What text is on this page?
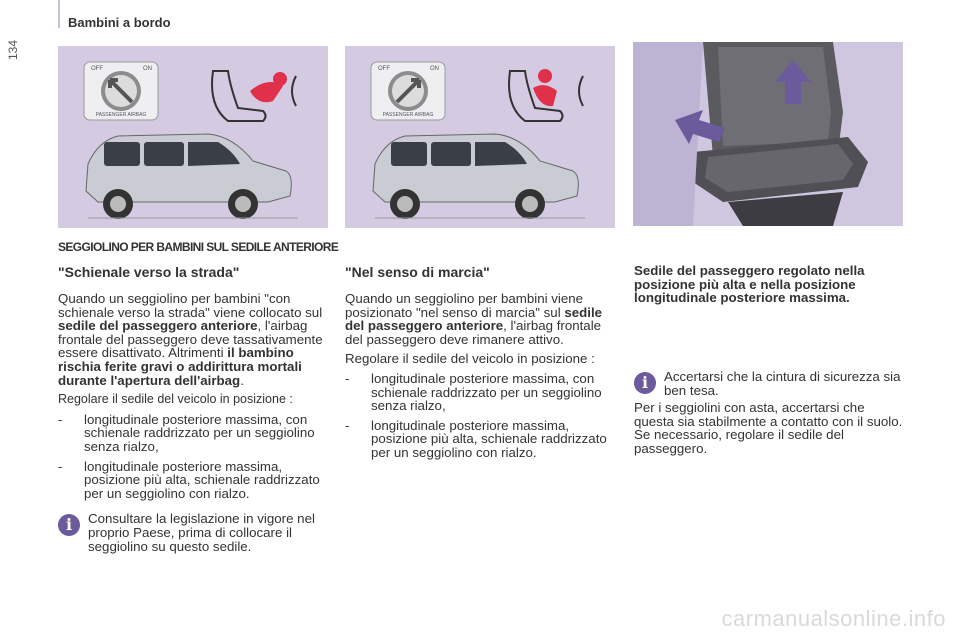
134
Bambini a bordo
OFF	ON
PASSENGER AIRBAG
OFF	ON
PASSENGER AIRBAG
SEGGIOLINO PER BAMBINI SUL SEDILE ANTERIORE
"Schienale verso la strada"

Quando un seggiolino per bambini "con schienale verso la strada" viene collocato sul sedile del passeggero anteriore, l'airbag frontale del passeggero deve tassativamente essere disattivato. Altrimenti il bambino rischia ferite gravi o addirittura mortali durante l'apertura dell'airbag.

Regolare il sedile del veicolo in posizione :

- longitudinale posteriore massima, con schienale raddrizzato per un seggiolino senza rialzo,
- longitudinale posteriore massima, posizione più alta, schienale raddrizzato per un seggiolino con rialzo.
i	Consultare la legislazione in vigore nel proprio Paese, prima di collocare il seggiolino su questo sedile.
"Nel senso di marcia"

Quando un seggiolino per bambini viene posizionato "nel senso di marcia" sul sedile del passeggero anteriore, l'airbag frontale del passeggero deve rimanere attivo.

Regolare il sedile del veicolo in posizione :

- longitudinale posteriore massima, con schienale raddrizzato per un seggiolino senza rialzo,
- longitudinale posteriore massima, posizione più alta, schienale raddrizzato per un seggiolino con rialzo.
Sedile del passeggero regolato nella posizione più alta e nella posizione longitudinale posteriore massima.
i	Accertarsi che la cintura di sicurezza sia ben tesa.

Per i seggiolini con asta, accertarsi che questa sia stabilmente a contatto con il suolo. Se necessario, regolare il sedile del passeggero.

carmanualsonline.info
